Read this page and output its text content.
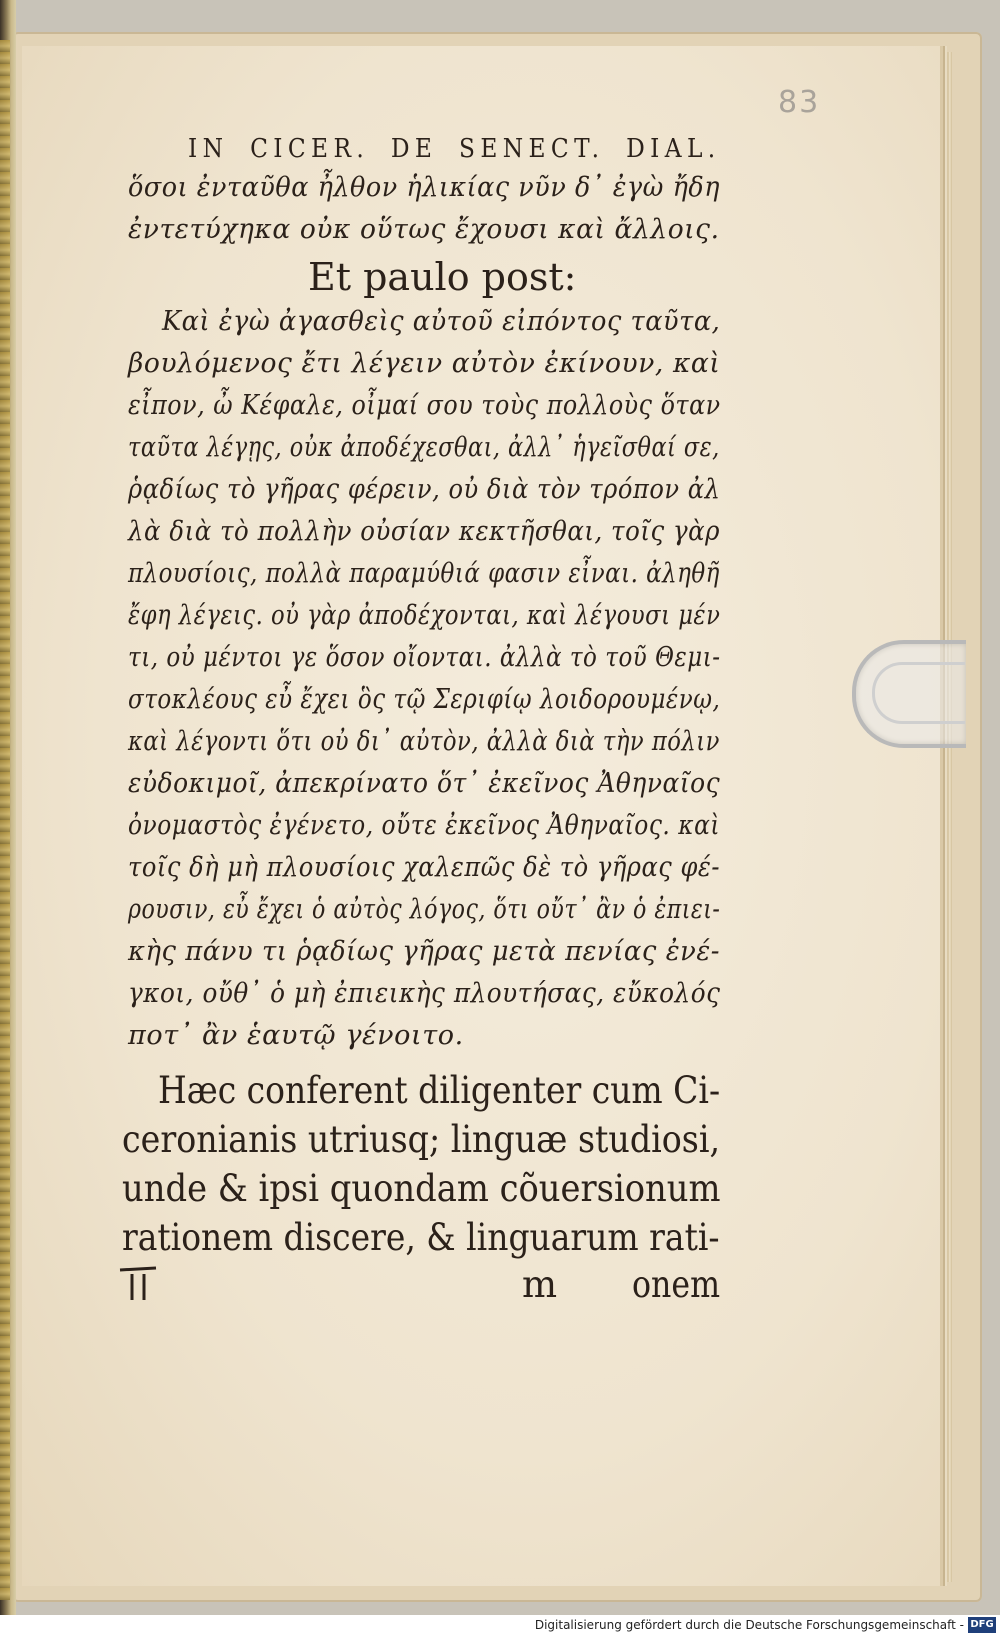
83
IN CICER. DE SENECT. DIAL.
ὅσοι ἐνταῦθα ἦλθον ἡλικίας νῦν δ᾽ ἐγὼ ἤδη
ἐντετύχηκα οὐκ οὕτως ἔχουσι καὶ ἄλλοις.
Et paulo post:
Καὶ ἐγὼ ἀγασθεὶς αὐτοῦ εἰπόντος ταῦτα,
βουλόμενος ἔτι λέγειν αὐτὸν ἐκίνουν, καὶ
εἶπον, ὦ Κέφαλε, οἶμαί σου τοὺς πολλοὺς ὅταν
ταῦτα λέγῃς, οὐκ ἀποδέχεσθαι, ἀλλ᾽ ἡγεῖσθαί σε,
ῥᾳδίως τὸ γῆρας φέρειν, οὐ διὰ τὸν τρόπον ἀλ
λὰ διὰ τὸ πολλὴν οὐσίαν κεκτῆσθαι, τοῖς γὰρ
πλουσίοις, πολλὰ παραμύθιά φασιν εἶναι. ἀληθῆ
ἔφη λέγεις. οὐ γὰρ ἀποδέχονται, καὶ λέγουσι μέν
τι, οὐ μέντοι γε ὅσον οἴονται. ἀλλὰ τὸ τοῦ Θεμι-
στοκλέους εὖ ἔχει ὃς τῷ Σεριφίῳ λοιδορουμένῳ,
καὶ λέγοντι ὅτι οὐ δι᾽ αὐτὸν, ἀλλὰ διὰ τὴν πόλιν
εὐδοκιμοῖ, ἀπεκρίνατο ὅτ᾽ ἐκεῖνος Ἀθηναῖος
ὀνομαστὸς ἐγένετο, οὔτε ἐκεῖνος Ἀθηναῖος. καὶ
τοῖς δὴ μὴ πλουσίοις χαλεπῶς δὲ τὸ γῆρας φέ-
ρουσιν, εὖ ἔχει ὁ αὐτὸς λόγος, ὅτι οὔτ᾽ ἂν ὁ ἐπιει-
κὴς πάνυ τι ῥᾳδίως γῆρας μετὰ πενίας ἐνέ-
γκοι, οὔθ᾽ ὁ μὴ ἐπιεικὴς πλουτήσας, εὔκολός
ποτ᾽ ἂν ἑαυτῷ γένοιτο.
Hæc conferent diligenter cum Ci-
ceronianis utriusq; linguæ studiosi,
unde & ipsi quondam cõuersionum
rationem discere, & linguarum rati-
m onem
Digitalisierung gefördert durch die Deutsche Forschungsgemeinschaft - DFG
